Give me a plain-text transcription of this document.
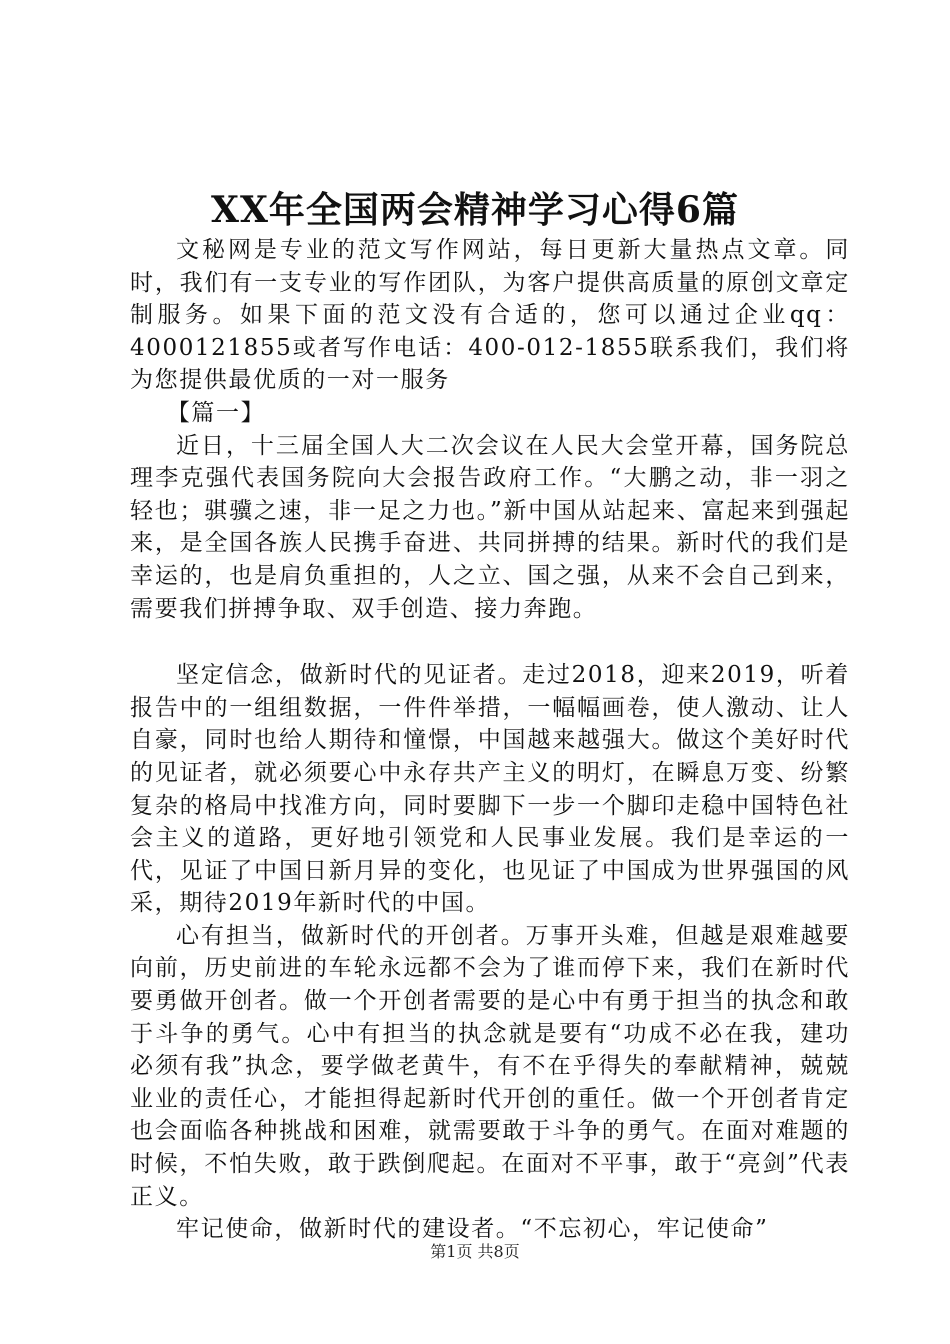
XX年全国两会精神学习心得6篇

文秘网是专业的范文写作网站，每日更新大量热点文章。同时，我们有一支专业的写作团队，为客户提供高质量的原创文章定制服务。如果下面的范文没有合适的，您可以通过企业qq：4000121855或者写作电话：400-012-1855联系我们，我们将为您提供最优质的一对一服务

【篇一】

近日，十三届全国人大二次会议在人民大会堂开幕，国务院总理李克强代表国务院向大会报告政府工作。“大鹏之动，非一羽之轻也；骐骥之速，非一足之力也。”新中国从站起来、富起来到强起来，是全国各族人民携手奋进、共同拼搏的结果。新时代的我们是幸运的，也是肩负重担的，人之立、国之强，从来不会自己到来，需要我们拼搏争取、双手创造、接力奔跑。

坚定信念，做新时代的见证者。走过2018，迎来2019，听着报告中的一组组数据，一件件举措，一幅幅画卷，使人激动、让人自豪，同时也给人期待和憧憬，中国越来越强大。做这个美好时代的见证者，就必须要心中永存共产主义的明灯，在瞬息万变、纷繁复杂的格局中找准方向，同时要脚下一步一个脚印走稳中国特色社会主义的道路，更好地引领党和人民事业发展。我们是幸运的一代，见证了中国日新月异的变化，也见证了中国成为世界强国的风采，期待2019年新时代的中国。

心有担当，做新时代的开创者。万事开头难，但越是艰难越要向前，历史前进的车轮永远都不会为了谁而停下来，我们在新时代要勇做开创者。做一个开创者需要的是心中有勇于担当的执念和敢于斗争的勇气。心中有担当的执念就是要有“功成不必在我，建功必须有我”执念，要学做老黄牛，有不在乎得失的奉献精神，兢兢业业的责任心，才能担得起新时代开创的重任。做一个开创者肯定也会面临各种挑战和困难，就需要敢于斗争的勇气。在面对难题的时候，不怕失败，敢于跌倒爬起。在面对不平事，敢于“亮剑”代表正义。

牢记使命，做新时代的建设者。“不忘初心，牢记使命”

第1页 共8页
